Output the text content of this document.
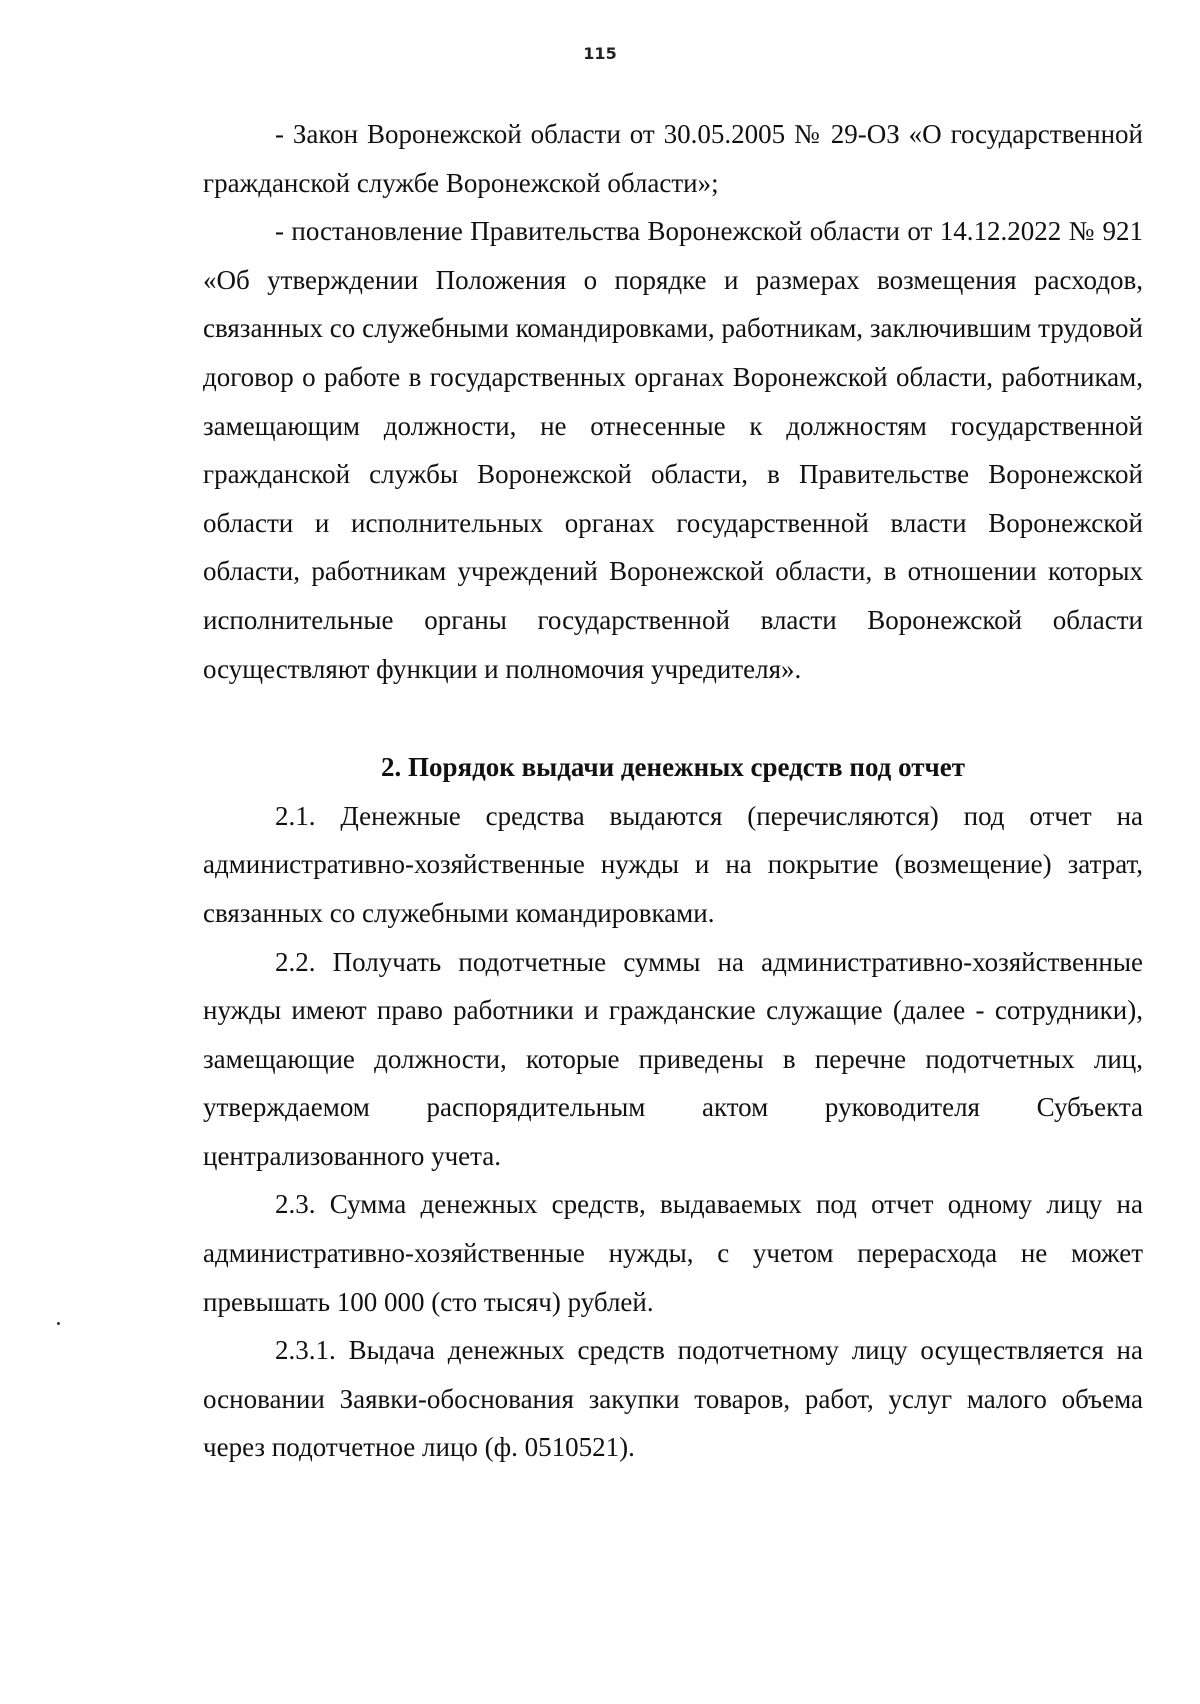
115

- Закон Воронежской области от 30.05.2005 № 29-ОЗ «О государственной гражданской службе Воронежской области»;

- постановление Правительства Воронежской области от 14.12.2022 № 921 «Об утверждении Положения о порядке и размерах возмещения расходов, связанных со служебными командировками, работникам, заключившим трудовой договор о работе в государственных органах Воронежской области, работникам, замещающим должности, не отнесенные к должностям государственной гражданской службы Воронежской области, в Правительстве Воронежской области и исполнительных органах государственной власти Воронежской области, работникам учреждений Воронежской области, в отношении которых исполнительные органы государственной власти Воронежской области осуществляют функции и полномочия учредителя».

2. Порядок выдачи денежных средств под отчет

2.1. Денежные средства выдаются (перечисляются) под отчет на административно-хозяйственные нужды и на покрытие (возмещение) затрат, связанных со служебными командировками.

2.2. Получать подотчетные суммы на административно-хозяйственные нужды имеют право работники и гражданские служащие (далее - сотрудники), замещающие должности, которые приведены в перечне подотчетных лиц, утверждаемом распорядительным актом руководителя Субъекта централизованного учета.

2.3. Сумма денежных средств, выдаваемых под отчет одному лицу на административно-хозяйственные нужды, с учетом перерасхода не может превышать 100 000 (сто тысяч) рублей.

2.3.1. Выдача денежных средств подотчетному лицу осуществляется на основании Заявки-обоснования закупки товаров, работ, услуг малого объема через подотчетное лицо (ф. 0510521).
